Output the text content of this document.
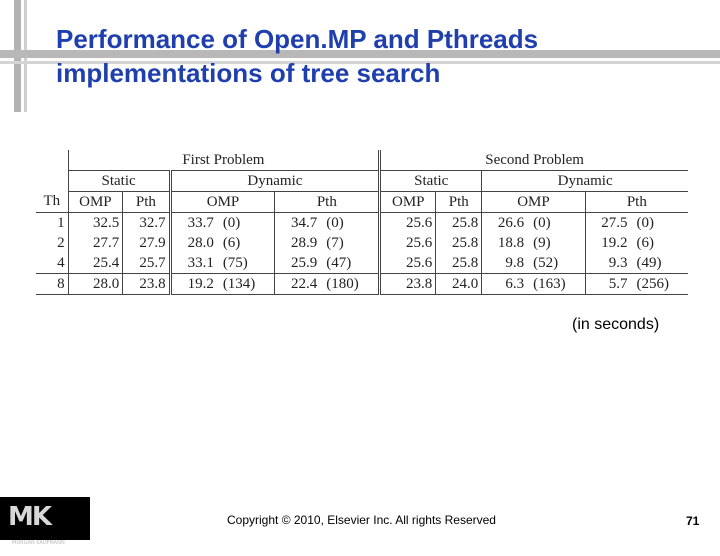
Performance of Open.MP and Pthreads
implementations of tree search
	First Problem						Second Problem					
	Static		Dynamic				Static		Dynamic			
Th	OMP	Pth	OMP		Pth		OMP	Pth	OMP		Pth	
1	32.5	32.7	33.7	(0)	34.7	(0)	25.6	25.8	26.6	(0)	27.5	(0)
2	27.7	27.9	28.0	(6)	28.9	(7)	25.6	25.8	18.8	(9)	19.2	(6)
4	25.4	25.7	33.1	(75)	25.9	(47)	25.6	25.8	9.8	(52)	9.3	(49)
8	28.0	23.8	19.2	(134)	22.4	(180)	23.8	24.0	6.3	(163)	5.7	(256)
(in seconds)
MK
MORGAN KAUFMANN
Copyright © 2010, Elsevier Inc. All rights Reserved	71
